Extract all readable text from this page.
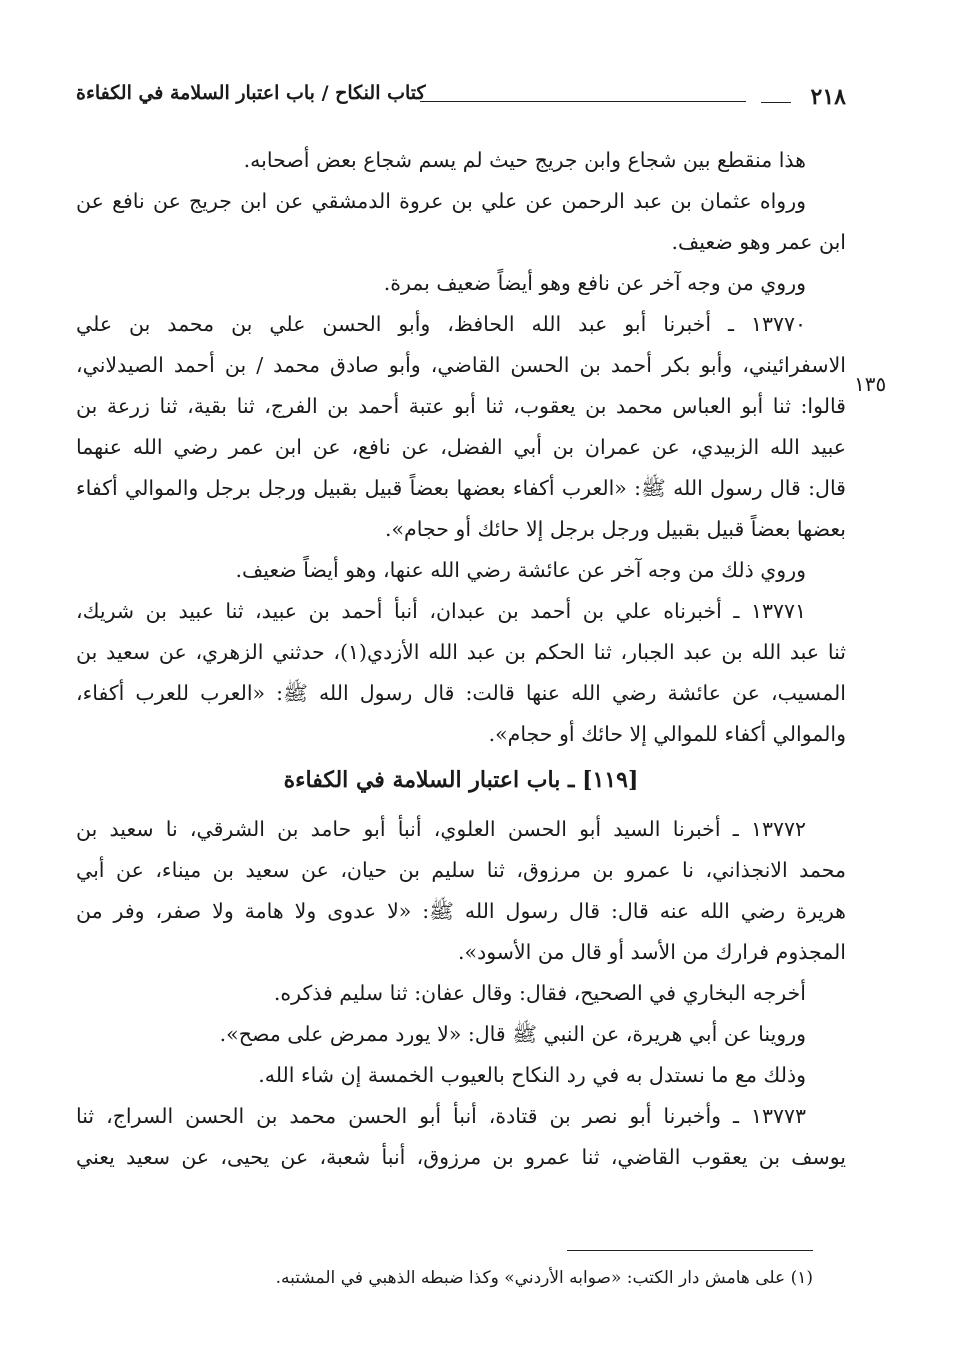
٢١٨
كتاب النكاح / باب اعتبار السلامة في الكفاءة
١٣٥
هذا منقطع بين شجاع وابن جريج حيث لم يسم شجاع بعض أصحابه.
ورواه عثمان بن عبد الرحمن عن علي بن عروة الدمشقي عن ابن جريج عن نافع عن
ابن عمر وهو ضعيف.
وروي من وجه آخر عن نافع وهو أيضاً ضعيف بمرة.
١٣٧٧٠ ـ أخبرنا أبو عبد الله الحافظ، وأبو الحسن علي بن محمد بن علي
الاسفرائيني، وأبو بكر أحمد بن الحسن القاضي، وأبو صادق محمد / بن أحمد الصيدلاني،
قالوا: ثنا أبو العباس محمد بن يعقوب، ثنا أبو عتبة أحمد بن الفرج، ثنا بقية، ثنا زرعة بن
عبيد الله الزبيدي، عن عمران بن أبي الفضل، عن نافع، عن ابن عمر رضي الله عنهما
قال: قال رسول الله ﷺ: «العرب أكفاء بعضها بعضاً قبيل بقبيل ورجل برجل والموالي أكفاء
بعضها بعضاً قبيل بقبيل ورجل برجل إلا حائك أو حجام».
وروي ذلك من وجه آخر عن عائشة رضي الله عنها، وهو أيضاً ضعيف.
١٣٧٧١ ـ أخبرناه علي بن أحمد بن عبدان، أنبأ أحمد بن عبيد، ثنا عبيد بن شريك،
ثنا عبد الله بن عبد الجبار، ثنا الحكم بن عبد الله الأزدي(١)، حدثني الزهري، عن سعيد بن
المسيب، عن عائشة رضي الله عنها قالت: قال رسول الله ﷺ: «العرب للعرب أكفاء،
والموالي أكفاء للموالي إلا حائك أو حجام».
[١١٩] ـ باب اعتبار السلامة في الكفاءة
١٣٧٧٢ ـ أخبرنا السيد أبو الحسن العلوي، أنبأ أبو حامد بن الشرقي، نا سعيد بن
محمد الانجذاني، نا عمرو بن مرزوق، ثنا سليم بن حيان، عن سعيد بن ميناء، عن أبي
هريرة رضي الله عنه قال: قال رسول الله ﷺ: «لا عدوى ولا هامة ولا صفر، وفر من
المجذوم فرارك من الأسد أو قال من الأسود».
أخرجه البخاري في الصحيح، فقال: وقال عفان: ثنا سليم فذكره.
وروينا عن أبي هريرة، عن النبي ﷺ قال: «لا يورد ممرض على مصح».
وذلك مع ما نستدل به في رد النكاح بالعيوب الخمسة إن شاء الله.
١٣٧٧٣ ـ وأخبرنا أبو نصر بن قتادة، أنبأ أبو الحسن محمد بن الحسن السراج، ثنا
يوسف بن يعقوب القاضي، ثنا عمرو بن مرزوق، أنبأ شعبة، عن يحيى، عن سعيد يعني
(١) على هامش دار الكتب: «صوابه الأردني» وكذا ضبطه الذهبي في المشتبه.
